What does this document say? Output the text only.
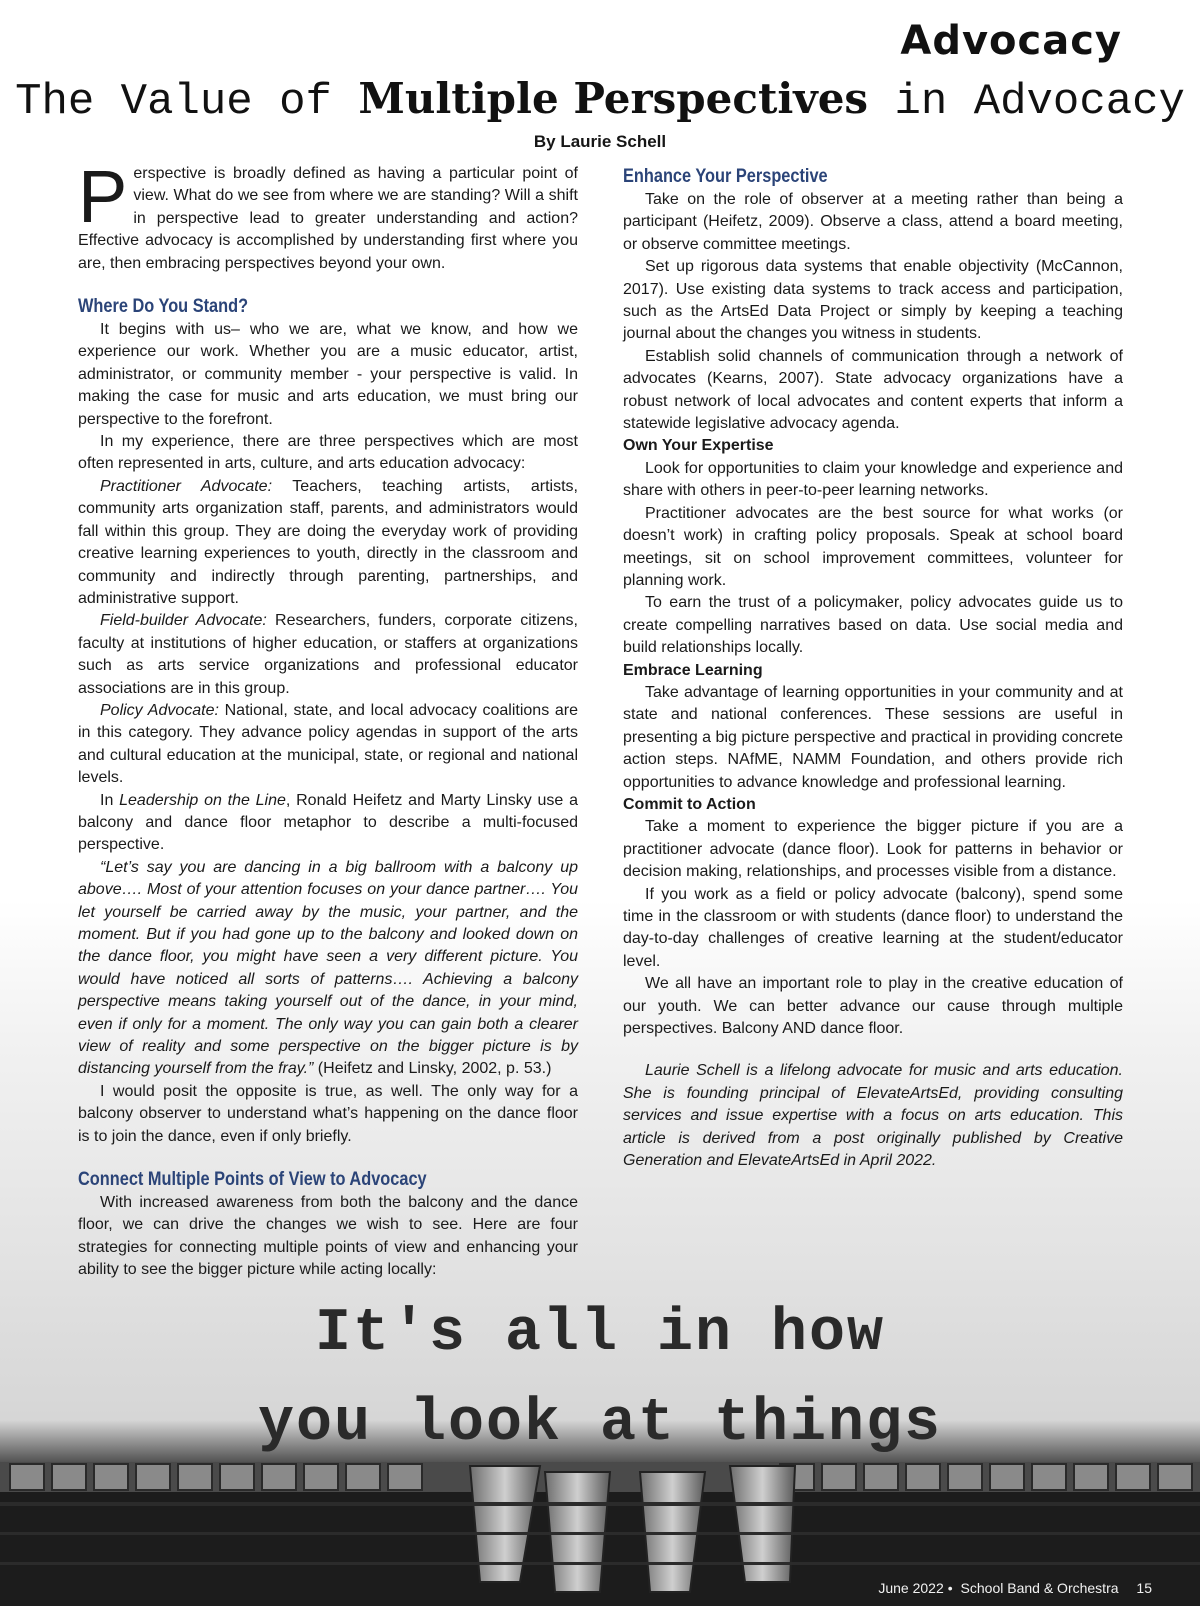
Advocacy
The Value of Multiple Perspectives in Advocacy
By Laurie Schell

Perspective is broadly defined as having a particular point of view. What do we see from where we are standing? Will a shift in perspective lead to greater understanding and action? Effective advocacy is accomplished by understanding first where you are, then embracing perspectives beyond your own.

Where Do You Stand?

It begins with us– who we are, what we know, and how we experience our work. Whether you are a music educator, artist, administrator, or community member - your perspective is valid. In making the case for music and arts education, we must bring our perspective to the forefront.

In my experience, there are three perspectives which are most often represented in arts, culture, and arts education advocacy:

Practitioner Advocate: Teachers, teaching artists, artists, community arts organization staff, parents, and administrators would fall within this group. They are doing the everyday work of providing creative learning experiences to youth, directly in the classroom and community and indirectly through parenting, partnerships, and administrative support.

Field-builder Advocate: Researchers, funders, corporate citizens, faculty at institutions of higher education, or staffers at organizations such as arts service organizations and professional educator associations are in this group.

Policy Advocate: National, state, and local advocacy coalitions are in this category. They advance policy agendas in support of the arts and cultural education at the municipal, state, or regional and national levels.

In Leadership on the Line, Ronald Heifetz and Marty Linsky use a balcony and dance floor metaphor to describe a multi-focused perspective.

“Let’s say you are dancing in a big ballroom with a balcony up above…. Most of your attention focuses on your dance partner…. You let yourself be carried away by the music, your partner, and the moment. But if you had gone up to the balcony and looked down on the dance floor, you might have seen a very different picture. You would have noticed all sorts of patterns…. Achieving a balcony perspective means taking yourself out of the dance, in your mind, even if only for a moment. The only way you can gain both a clearer view of reality and some perspective on the bigger picture is by distancing yourself from the fray.” (Heifetz and Linsky, 2002, p. 53.)

I would posit the opposite is true, as well. The only way for a balcony observer to understand what’s happening on the dance floor is to join the dance, even if only briefly.

Connect Multiple Points of View to Advocacy

With increased awareness from both the balcony and the dance floor, we can drive the changes we wish to see. Here are four strategies for connecting multiple points of view and enhancing your ability to see the bigger picture while acting locally:

Enhance Your Perspective

Take on the role of observer at a meeting rather than being a participant (Heifetz, 2009). Observe a class, attend a board meeting, or observe committee meetings.

Set up rigorous data systems that enable objectivity (McCannon, 2017). Use existing data systems to track access and participation, such as the ArtsEd Data Project or simply by keeping a teaching journal about the changes you witness in students.

Establish solid channels of communication through a network of advocates (Kearns, 2007). State advocacy organizations have a robust network of local advocates and content experts that inform a statewide legislative advocacy agenda.

Own Your Expertise

Look for opportunities to claim your knowledge and experience and share with others in peer-to-peer learning networks.

Practitioner advocates are the best source for what works (or doesn’t work) in crafting policy proposals. Speak at school board meetings, sit on school improvement committees, volunteer for planning work.

To earn the trust of a policymaker, policy advocates guide us to create compelling narratives based on data. Use social media and build relationships locally.

Embrace Learning

Take advantage of learning opportunities in your community and at state and national conferences. These sessions are useful in presenting a big picture perspective and practical in providing concrete action steps. NAfME, NAMM Foundation, and others provide rich opportunities to advance knowledge and professional learning.

Commit to Action

Take a moment to experience the bigger picture if you are a practitioner advocate (dance floor). Look for patterns in behavior or decision making, relationships, and processes visible from a distance.

If you work as a field or policy advocate (balcony), spend some time in the classroom or with students (dance floor) to understand the day-to-day challenges of creative learning at the student/educator level.

We all have an important role to play in the creative education of our youth. We can better advance our cause through multiple perspectives. Balcony AND dance floor.

Laurie Schell is a lifelong advocate for music and arts education. She is founding principal of ElevateArtsEd, providing consulting services and issue expertise with a focus on arts education. This article is derived from a post originally published by Creative Generation and ElevateArtsEd in April 2022.

It's all in how
you look at things
June 2022 • School Band & Orchestra 15
